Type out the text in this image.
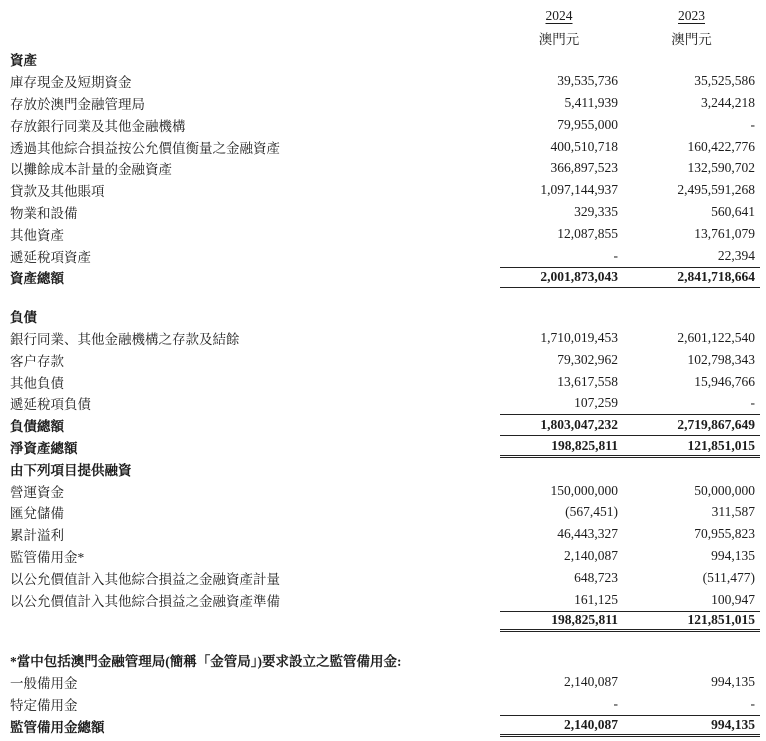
2024	2023
澳門元	澳門元
資產
庫存現金及短期資金	39,535,736	35,525,586
存放於澳門金融管理局	5,411,939	3,244,218
存放銀行同業及其他金融機構	79,955,000	-
透過其他綜合損益按公允價值衡量之金融資產	400,510,718	160,422,776
以攤餘成本計量的金融資產	366,897,523	132,590,702
貸款及其他賬項	1,097,144,937	2,495,591,268
物業和設備	329,335	560,641
其他資產	12,087,855	13,761,079
遞延稅項資產	-	22,394
資產總額	2,001,873,043	2,841,718,664
負債
銀行同業、其他金融機構之存款及結餘	1,710,019,453	2,601,122,540
客户存款	79,302,962	102,798,343
其他負債	13,617,558	15,946,766
遞延稅項負債	107,259	-
負債總額	1,803,047,232	2,719,867,649
淨資產總額	198,825,811	121,851,015
由下列項目提供融資
營運資金	150,000,000	50,000,000
匯兌儲備	(567,451)	311,587
累計溢利	46,443,327	70,955,823
監管備用金*	2,140,087	994,135
以公允價值計入其他綜合損益之金融資產計量	648,723	(511,477)
以公允價值計入其他綜合損益之金融資產準備	161,125	100,947
198,825,811	121,851,015
*當中包括澳門金融管理局(簡稱「金管局」)要求設立之監管備用金:
一般備用金	2,140,087	994,135
特定備用金	-	-
監管備用金總額	2,140,087	994,135
